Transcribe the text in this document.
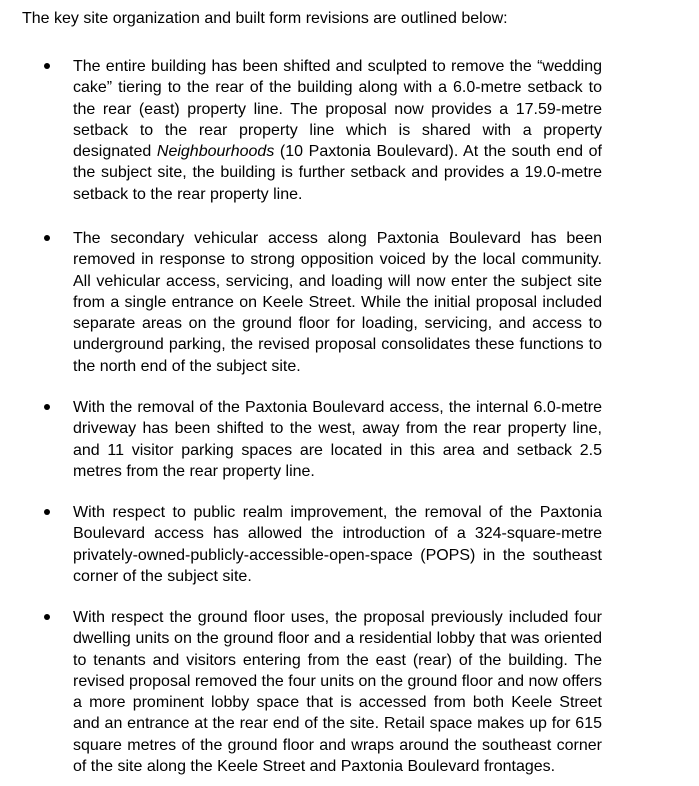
The key site organization and built form revisions are outlined below:

The entire building has been shifted and sculpted to remove the “wedding cake” tiering to the rear of the building along with a 6.0-metre setback to the rear (east) property line. The proposal now provides a 17.59-metre setback to the rear property line which is shared with a property designated Neighbourhoods (10 Paxtonia Boulevard). At the south end of the subject site, the building is further setback and provides a 19.0-metre setback to the rear property line.

The secondary vehicular access along Paxtonia Boulevard has been removed in response to strong opposition voiced by the local community. All vehicular access, servicing, and loading will now enter the subject site from a single entrance on Keele Street. While the initial proposal included separate areas on the ground floor for loading, servicing, and access to underground parking, the revised proposal consolidates these functions to the north end of the subject site.

With the removal of the Paxtonia Boulevard access, the internal 6.0-metre driveway has been shifted to the west, away from the rear property line, and 11 visitor parking spaces are located in this area and setback 2.5 metres from the rear property line.

With respect to public realm improvement, the removal of the Paxtonia Boulevard access has allowed the introduction of a 324-square-metre privately-owned-publicly-accessible-open-space (POPS) in the southeast corner of the subject site.

With respect the ground floor uses, the proposal previously included four dwelling units on the ground floor and a residential lobby that was oriented to tenants and visitors entering from the east (rear) of the building. The revised proposal removed the four units on the ground floor and now offers a more prominent lobby space that is accessed from both Keele Street and an entrance at the rear end of the site. Retail space makes up for 615 square metres of the ground floor and wraps around the southeast corner of the site along the Keele Street and Paxtonia Boulevard frontages.
